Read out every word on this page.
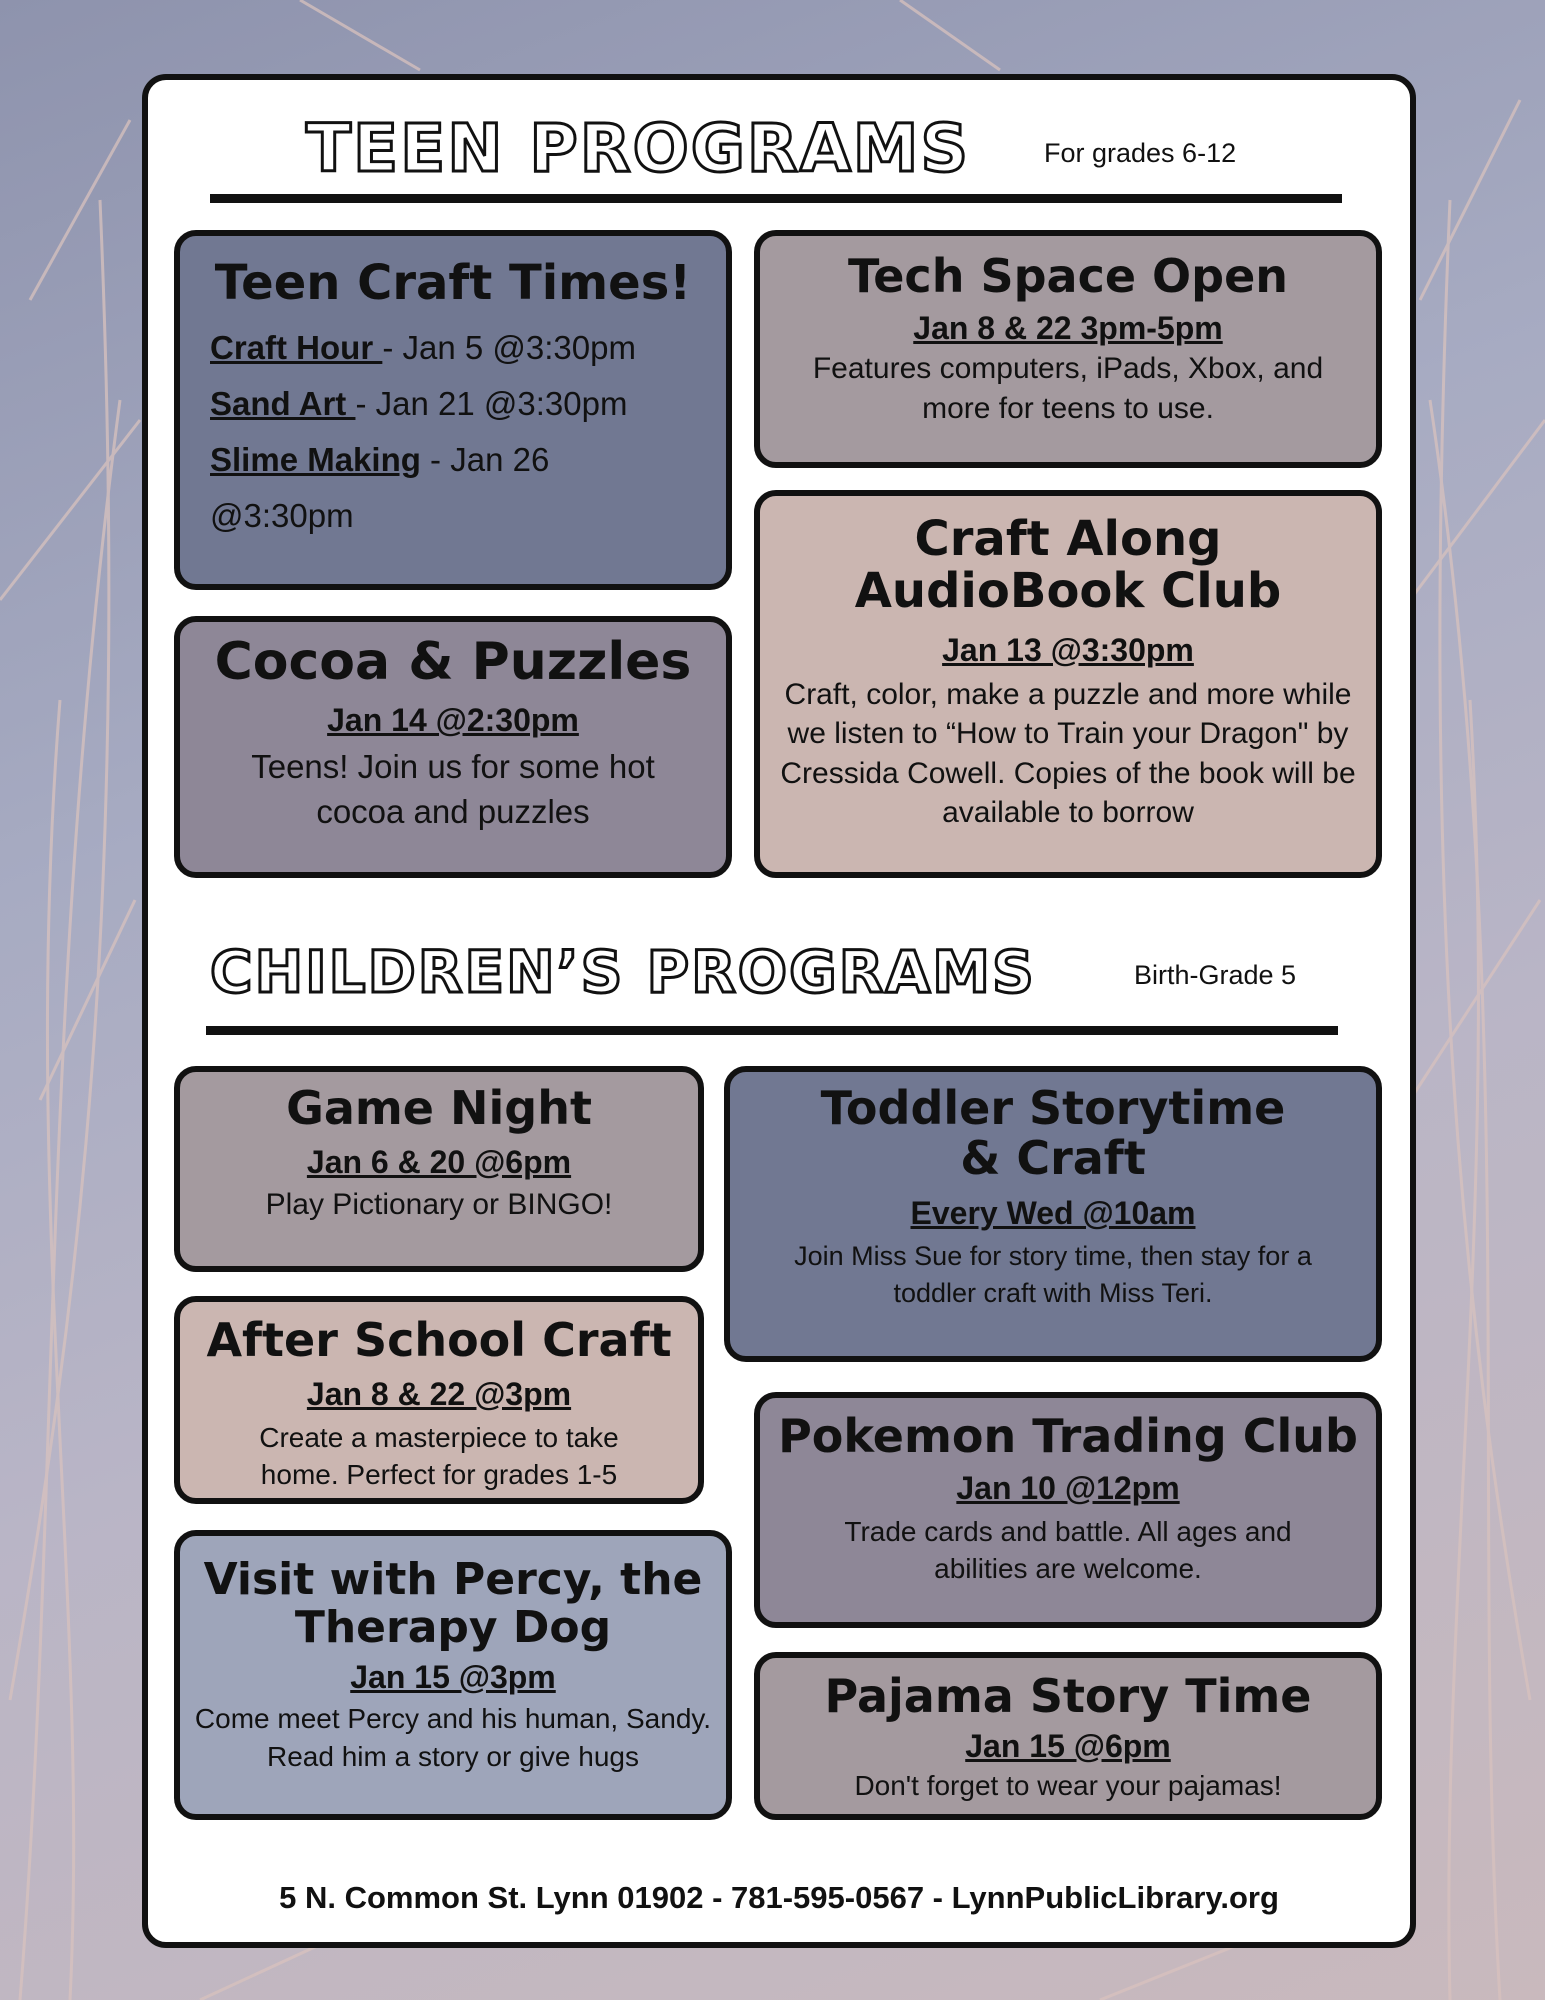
TEEN PROGRAMS	For grades 6-12
Teen Craft Times!
Craft Hour - Jan 5 @3:30pm
Sand Art - Jan 21 @3:30pm
Slime Making - Jan 26 @3:30pm
Tech Space Open
Jan 8 & 22 3pm-5pm
Features computers, iPads, Xbox, and more for teens to use.
Cocoa & Puzzles
Jan 14 @2:30pm
Teens! Join us for some hot cocoa and puzzles
Craft Along AudioBook Club
Jan 13 @3:30pm
Craft, color, make a puzzle and more while we listen to “How to Train your Dragon" by Cressida Cowell. Copies of the book will be available to borrow
CHILDREN’S PROGRAMS	Birth-Grade 5
Game Night
Jan 6 & 20 @6pm
Play Pictionary or BINGO!
Toddler Storytime & Craft
Every Wed @10am
Join Miss Sue for story time, then stay for a toddler craft with Miss Teri.
After School Craft
Jan 8 & 22 @3pm
Create a masterpiece to take home. Perfect for grades 1-5
Pokemon Trading Club
Jan 10 @12pm
Trade cards and battle. All ages and abilities are welcome.
Visit with Percy, the Therapy Dog
Jan 15 @3pm
Come meet Percy and his human, Sandy. Read him a story or give hugs
Pajama Story Time
Jan 15 @6pm
Don't forget to wear your pajamas!
5 N. Common St. Lynn 01902 - 781-595-0567 - LynnPublicLibrary.org
